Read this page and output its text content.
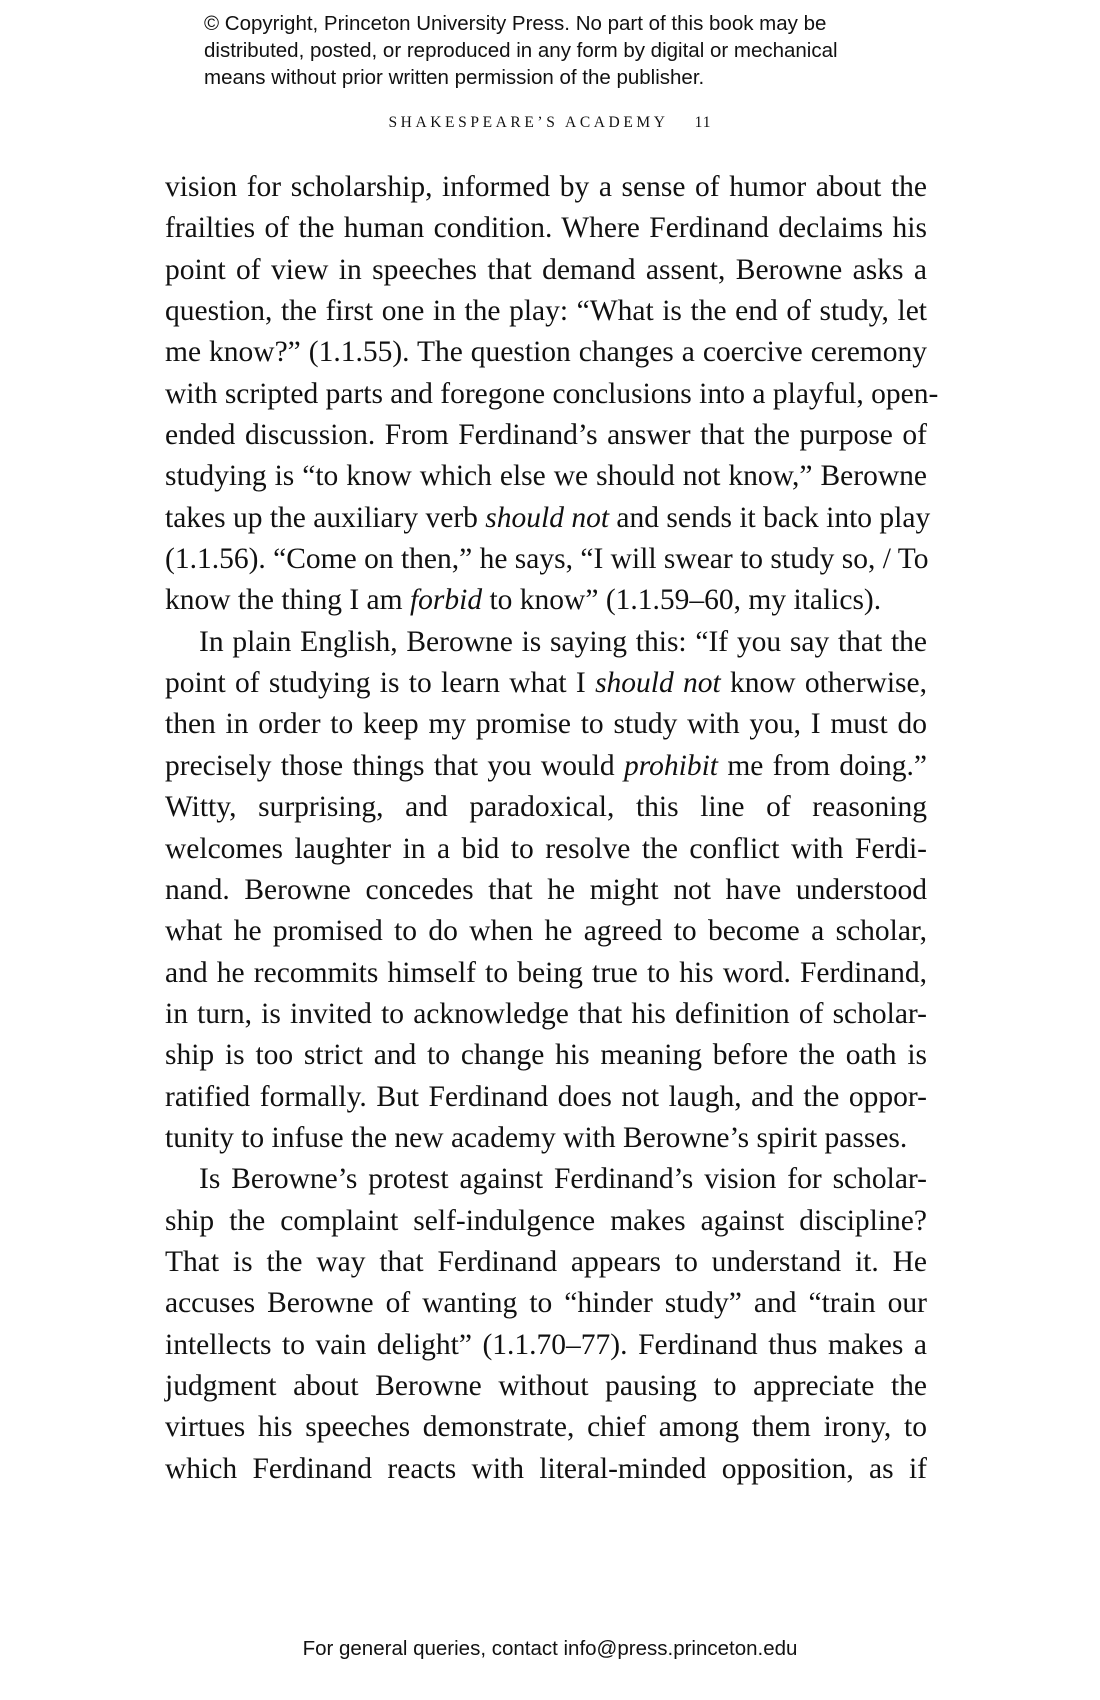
© Copyright, Princeton University Press. No part of this book may be
distributed, posted, or reproduced in any form by digital or mechanical
means without prior written permission of the publisher.
SHAKESPEARE’S ACADEMY 11
vision for scholarship, informed by a sense of humor about the
frailties of the human condition. Where Ferdinand declaims his
point of view in speeches that demand assent, Berowne asks a
question, the first one in the play: “What is the end of study, let
me know?” (1.1.55). The question changes a coercive ceremony
with scripted parts and foregone conclusions into a playful, open-
ended discussion. From Ferdinand’s answer that the purpose of
studying is “to know which else we should not know,” Berowne
takes up the auxiliary verb should not and sends it back into play
(1.1.56). “Come on then,” he says, “I will swear to study so, / To
know the thing I am forbid to know” (1.1.59–60, my italics).
In plain English, Berowne is saying this: “If you say that the
point of studying is to learn what I should not know otherwise,
then in order to keep my promise to study with you, I must do
precisely those things that you would prohibit me from doing.”
Witty, surprising, and paradoxical, this line of reasoning
welcomes laughter in a bid to resolve the conflict with Ferdi-
nand. Berowne concedes that he might not have understood
what he promised to do when he agreed to become a scholar,
and he recommits himself to being true to his word. Ferdinand,
in turn, is invited to acknowledge that his definition of scholar-
ship is too strict and to change his meaning before the oath is
ratified formally. But Ferdinand does not laugh, and the oppor-
tunity to infuse the new academy with Berowne’s spirit passes.
Is Berowne’s protest against Ferdinand’s vision for scholar-
ship the complaint self-indulgence makes against discipline?
That is the way that Ferdinand appears to understand it. He
accuses Berowne of wanting to “hinder study” and “train our
intellects to vain delight” (1.1.70–77). Ferdinand thus makes a
judgment about Berowne without pausing to appreciate the
virtues his speeches demonstrate, chief among them irony, to
which Ferdinand reacts with literal-minded opposition, as if
For general queries, contact info@press.princeton.edu
